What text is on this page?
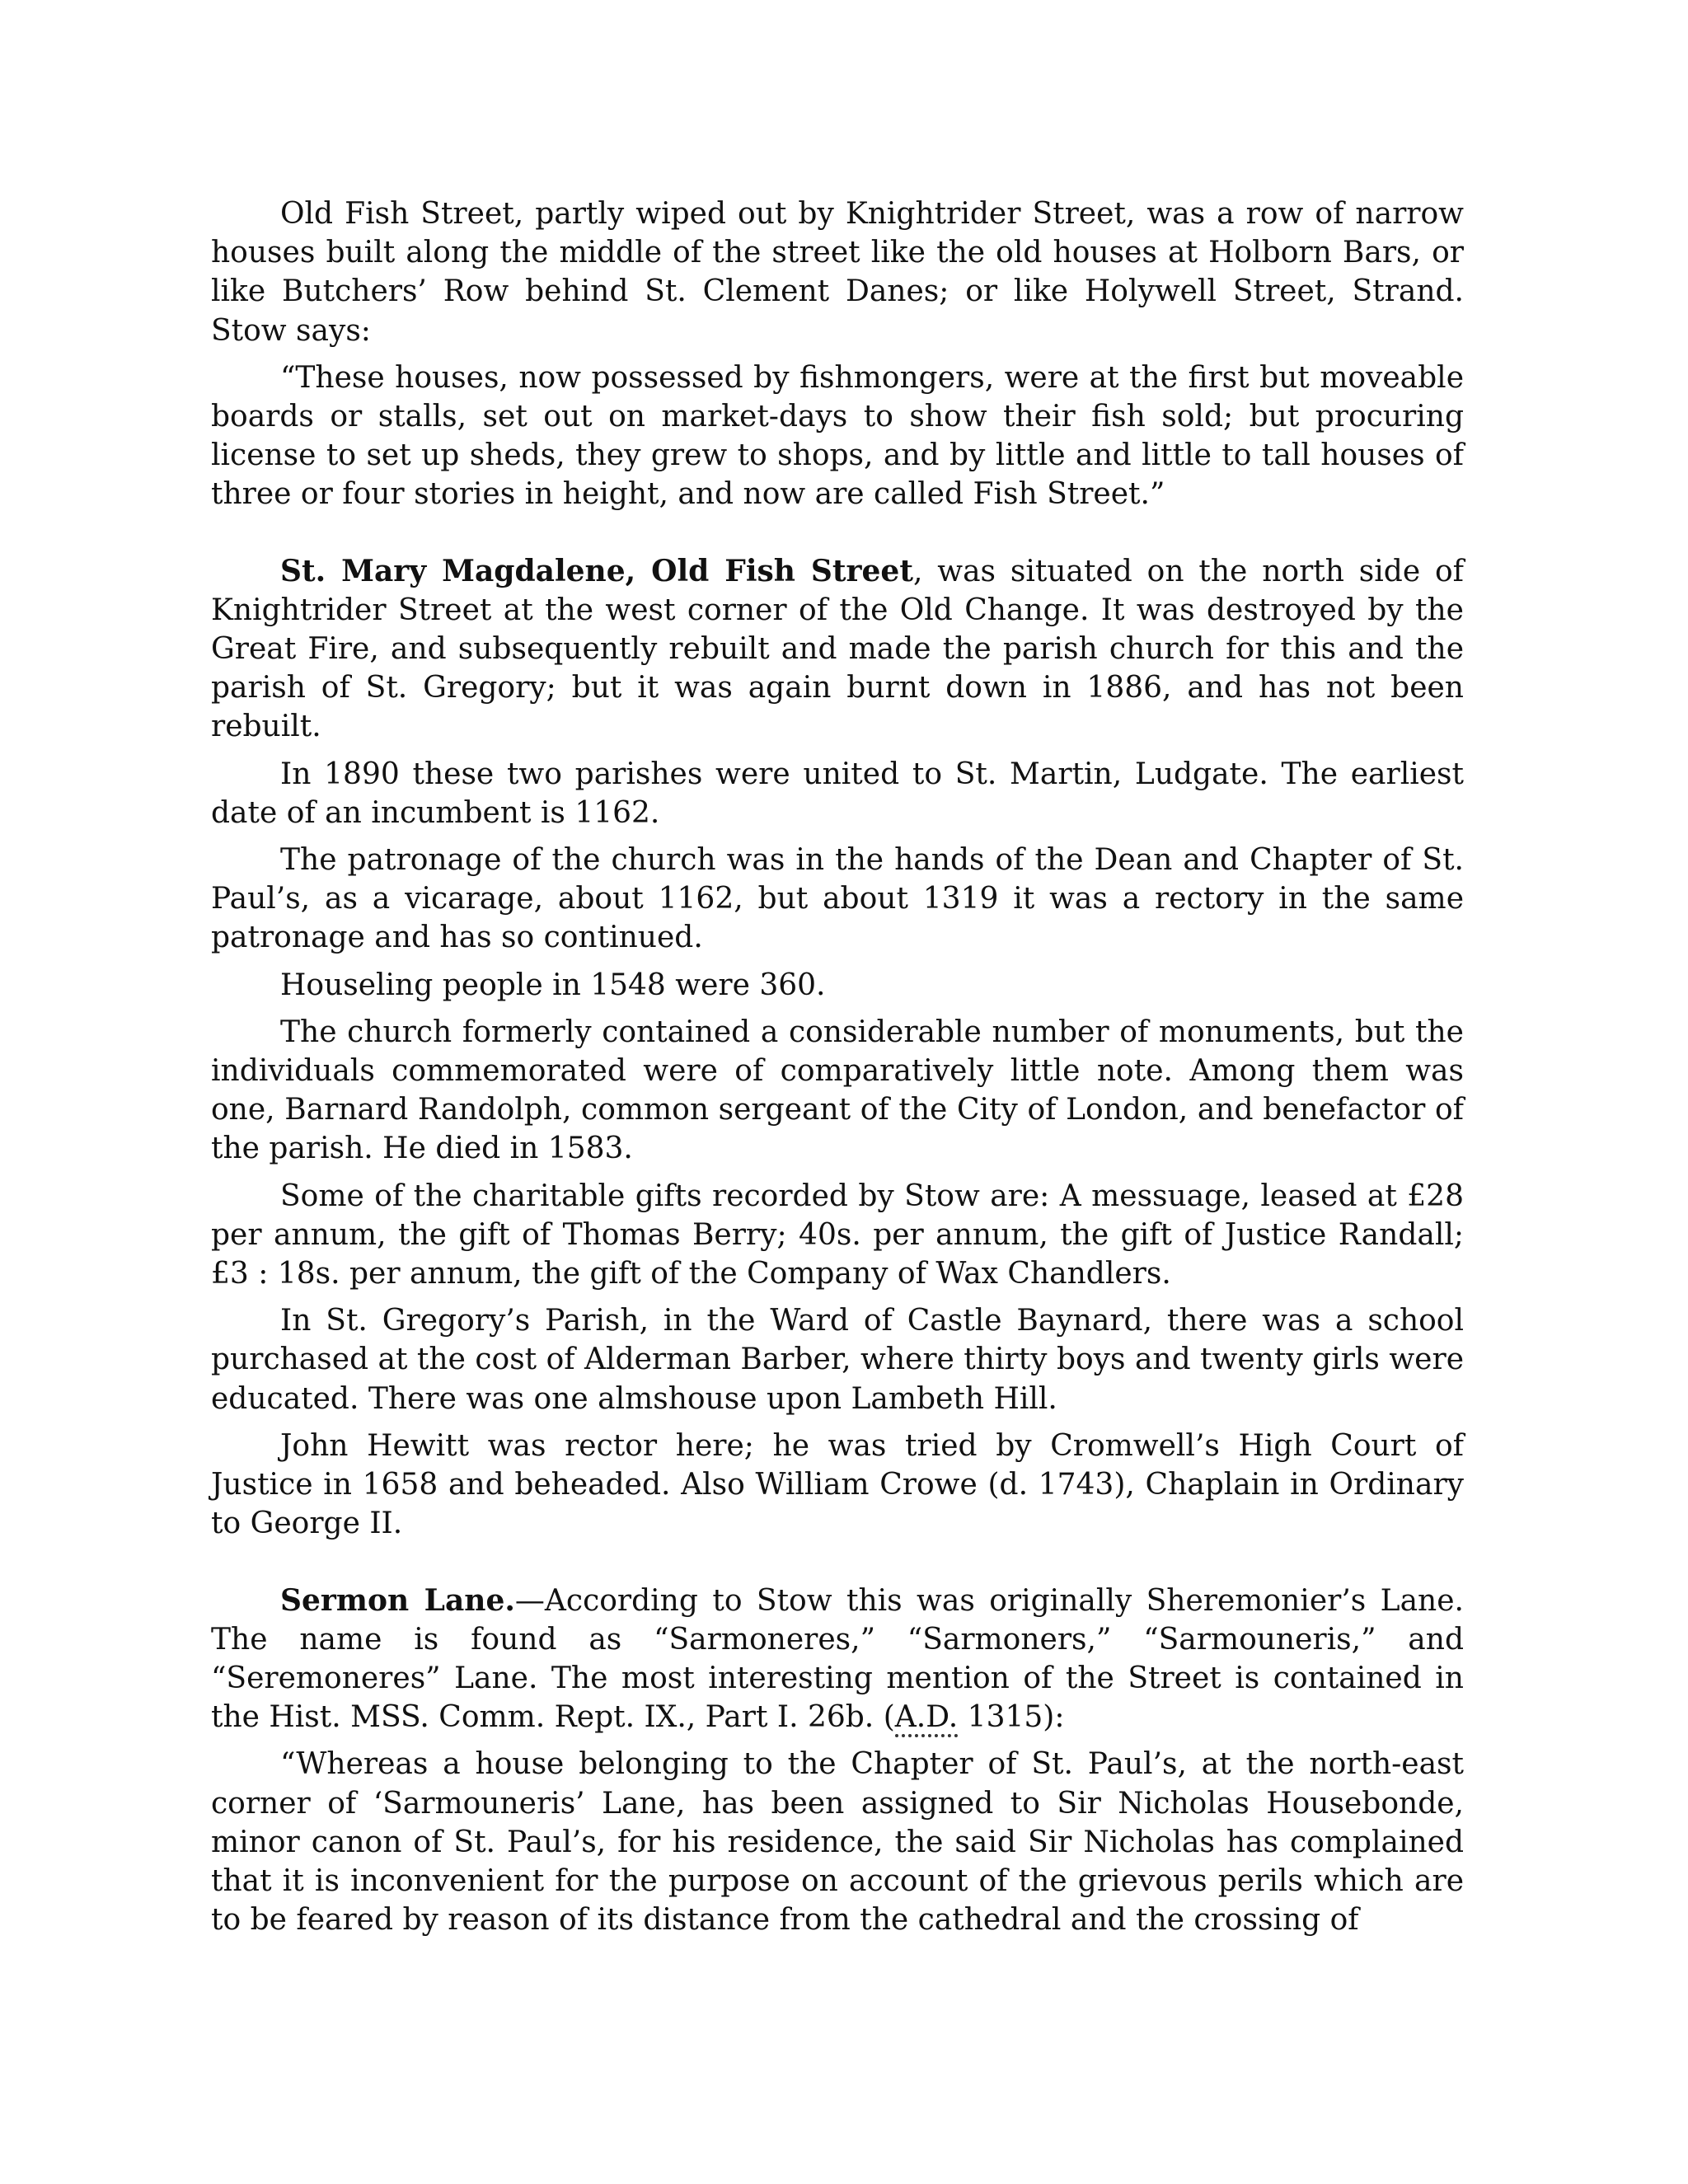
Old Fish Street, partly wiped out by Knightrider Street, was a row of narrow houses built along the middle of the street like the old houses at Holborn Bars, or like Butchers’ Row behind St. Clement Danes; or like Holywell Street, Strand. Stow says:

“These houses, now possessed by fishmongers, were at the first but moveable boards or stalls, set out on market-days to show their fish sold; but procuring license to set up sheds, they grew to shops, and by little and little to tall houses of three or four stories in height, and now are called Fish Street.”

St. Mary Magdalene, Old Fish Street, was situated on the north side of Knightrider Street at the west corner of the Old Change. It was destroyed by the Great Fire, and subsequently rebuilt and made the parish church for this and the parish of St. Gregory; but it was again burnt down in 1886, and has not been rebuilt.

In 1890 these two parishes were united to St. Martin, Ludgate. The earliest date of an incumbent is 1162.

The patronage of the church was in the hands of the Dean and Chapter of St. Paul’s, as a vicarage, about 1162, but about 1319 it was a rectory in the same patronage and has so continued.

Houseling people in 1548 were 360.

The church formerly contained a considerable number of monuments, but the individuals commemorated were of comparatively little note. Among them was one, Barnard Randolph, common sergeant of the City of London, and benefactor of the parish. He died in 1583.

Some of the charitable gifts recorded by Stow are: A messuage, leased at £28 per annum, the gift of Thomas Berry; 40s. per annum, the gift of Justice Randall; £3 : 18s. per annum, the gift of the Company of Wax Chandlers.

In St. Gregory’s Parish, in the Ward of Castle Baynard, there was a school purchased at the cost of Alderman Barber, where thirty boys and twenty girls were educated. There was one almshouse upon Lambeth Hill.

John Hewitt was rector here; he was tried by Cromwell’s High Court of Justice in 1658 and beheaded. Also William Crowe (d. 1743), Chaplain in Ordinary to George II.

Sermon Lane.—According to Stow this was originally Sheremonier’s Lane. The name is found as “Sarmoneres,” “Sarmoners,” “Sarmouneris,” and “Seremoneres” Lane. The most interesting mention of the Street is contained in the Hist. MSS. Comm. Rept. IX., Part I. 26b. (A.D. 1315):

“Whereas a house belonging to the Chapter of St. Paul’s, at the north-east corner of ‘Sarmouneris’ Lane, has been assigned to Sir Nicholas Housebonde, minor canon of St. Paul’s, for his residence, the said Sir Nicholas has complained that it is inconvenient for the purpose on account of the grievous perils which are to be feared by reason of its distance from the cathedral and the crossing of
